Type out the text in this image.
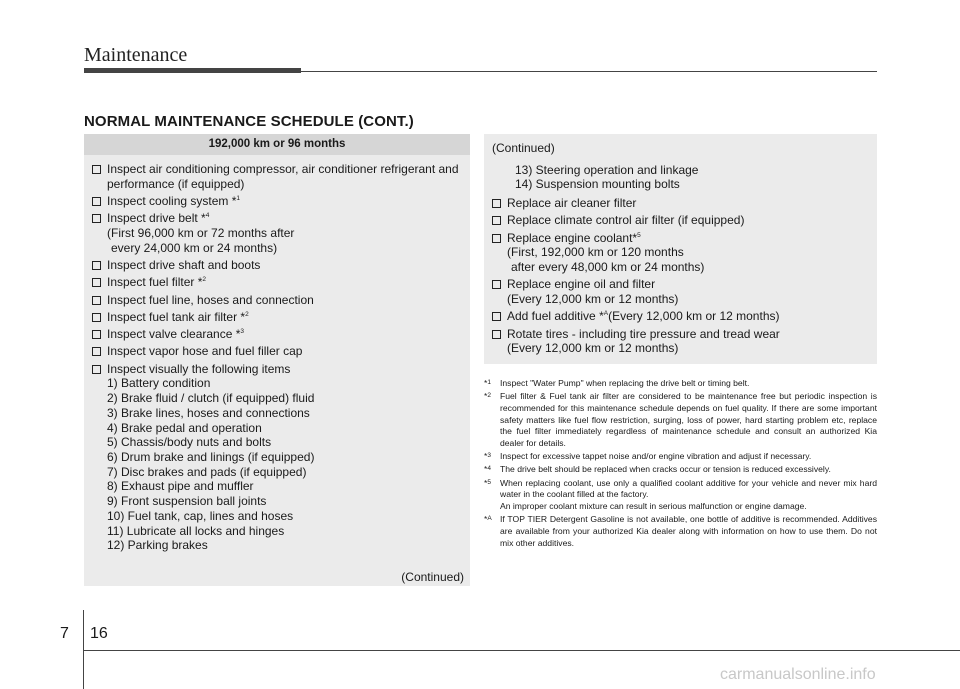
Maintenance
NORMAL MAINTENANCE SCHEDULE (CONT.)
192,000 km or 96 months
Inspect air conditioning compressor, air conditioner refrigerant and
performance (if equipped)
Inspect cooling system * 1
Inspect drive belt * 4
(First 96,000 km or 72 months after
every 24,000 km or 24 months)
Inspect drive shaft and boots
Inspect fuel filter * 2
Inspect fuel line, hoses and connection
Inspect fuel tank air filter * 2
Inspect valve clearance * 3
Inspect vapor hose and fuel filler cap
Inspect visually the following items
1) Battery condition
2) Brake fluid / clutch (if equipped) fluid
3) Brake lines, hoses and connections
4) Brake pedal and operation
5) Chassis/body nuts and bolts
6) Drum brake and linings (if equipped)
7) Disc brakes and pads (if equipped)
8) Exhaust pipe and muffler
9) Front suspension ball joints
10) Fuel tank, cap, lines and hoses
11) Lubricate all locks and hinges
12) Parking brakes
(Continued)
(Continued)
13) Steering operation and linkage
14) Suspension mounting bolts
Replace air cleaner filter
Replace climate control air filter (if equipped)
Replace engine coolant* 5
(First, 192,000 km or 120 months
after every 48,000 km or 24 months)
Replace engine oil and filter
(Every 12,000 km or 12 months)
Add fuel additive * A (Every 12,000 km or 12 months)
Rotate tires - including tire pressure and tread wear
(Every 12,000 km or 12 months)
*$^1$	Inspect "Water Pump" when replacing the drive belt or timing belt.
*$^2$	Fuel filter & Fuel tank air filter are considered to be maintenance free but periodic inspection is recommended for this maintenance schedule depends on fuel quality. If there are some important safety matters like fuel flow restriction, surging, loss of power, hard starting problem etc, replace the fuel filter immediately regardless of maintenance schedule and consult an authorized Kia dealer for details.
*$^3$	Inspect for excessive tappet noise and/or engine vibration and adjust if necessary.
*$^4$	The drive belt should be replaced when cracks occur or tension is reduced excessively.
*$^5$	When replacing coolant, use only a qualified coolant additive for your vehicle and never mix hard water in the coolant filled at the factory.
An improper coolant mixture can result in serious malfunction or engine damage.
*$^A$ If TOP TIER Detergent Gasoline is not available, one bottle of additive is recommended. Additives are available from your authorized Kia dealer along with information on how to use them. Do not mix other additives.
7 16
carmanualsonline.info
